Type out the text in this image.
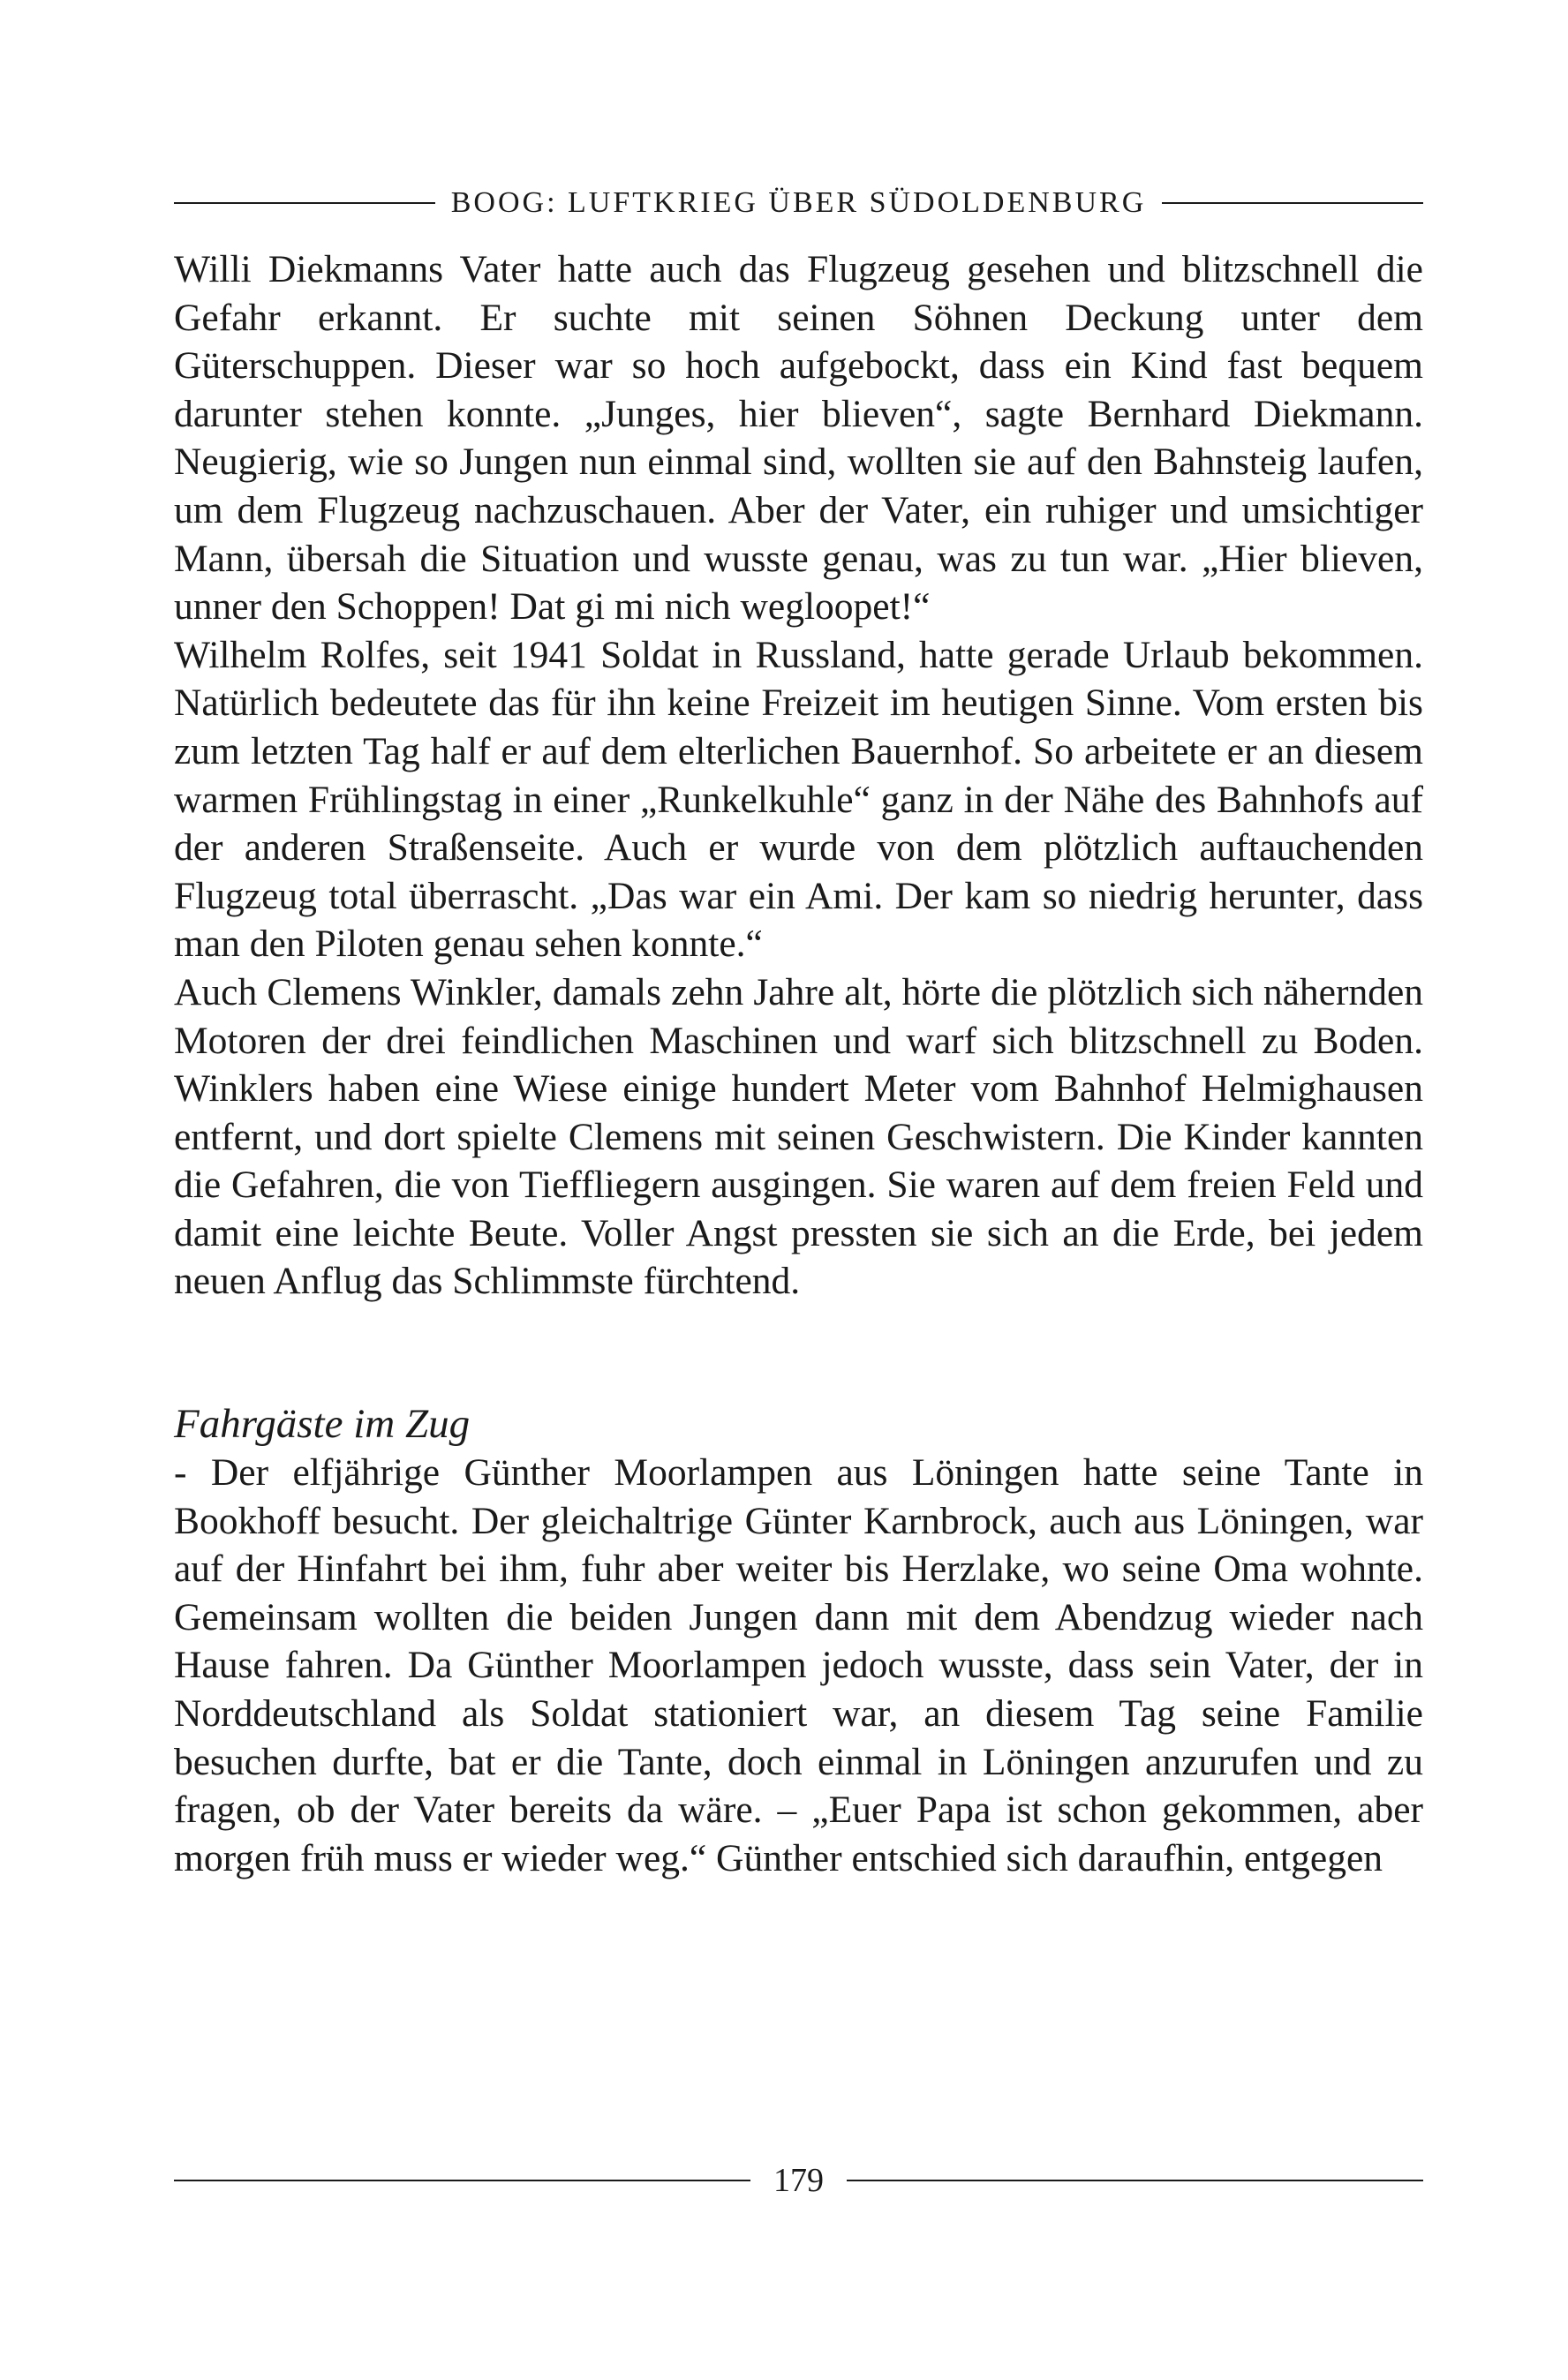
BOOG: LUFTKRIEG ÜBER SÜDOLDENBURG

Willi Diekmanns Vater hatte auch das Flugzeug gesehen und blitzschnell die Gefahr erkannt. Er suchte mit seinen Söhnen Deckung unter dem Güterschuppen. Dieser war so hoch aufgebockt, dass ein Kind fast bequem darunter stehen konnte. „Junges, hier blieven“, sagte Bernhard Diekmann. Neugierig, wie so Jungen nun einmal sind, wollten sie auf den Bahnsteig laufen, um dem Flugzeug nachzuschauen. Aber der Vater, ein ruhiger und umsichtiger Mann, übersah die Situation und wusste genau, was zu tun war. „Hier blieven, unner den Schoppen! Dat gi mi nich wegloopet!“

Wilhelm Rolfes, seit 1941 Soldat in Russland, hatte gerade Urlaub bekommen. Natürlich bedeutete das für ihn keine Freizeit im heutigen Sinne. Vom ersten bis zum letzten Tag half er auf dem elterlichen Bauernhof. So arbeitete er an diesem warmen Frühlingstag in einer „Runkelkuhle“ ganz in der Nähe des Bahnhofs auf der anderen Straßenseite. Auch er wurde von dem plötzlich auftauchenden Flugzeug total überrascht. „Das war ein Ami. Der kam so niedrig herunter, dass man den Piloten genau sehen konnte.“

Auch Clemens Winkler, damals zehn Jahre alt, hörte die plötzlich sich nähernden Motoren der drei feindlichen Maschinen und warf sich blitzschnell zu Boden. Winklers haben eine Wiese einige hundert Meter vom Bahnhof Helmighausen entfernt, und dort spielte Clemens mit seinen Geschwistern. Die Kinder kannten die Gefahren, die von Tieffliegern ausgingen. Sie waren auf dem freien Feld und damit eine leichte Beute. Voller Angst pressten sie sich an die Erde, bei jedem neuen Anflug das Schlimmste fürchtend.

Fahrgäste im Zug

- Der elfjährige Günther Moorlampen aus Löningen hatte seine Tante in Bookhoff besucht. Der gleichaltrige Günter Karnbrock, auch aus Löningen, war auf der Hinfahrt bei ihm, fuhr aber weiter bis Herzlake, wo seine Oma wohnte. Gemeinsam wollten die beiden Jungen dann mit dem Abendzug wieder nach Hause fahren. Da Günther Moorlampen jedoch wusste, dass sein Vater, der in Norddeutschland als Soldat stationiert war, an diesem Tag seine Familie besuchen durfte, bat er die Tante, doch einmal in Löningen anzurufen und zu fragen, ob der Vater bereits da wäre. – „Euer Papa ist schon gekommen, aber morgen früh muss er wieder weg.“ Günther entschied sich daraufhin, entgegen

179
